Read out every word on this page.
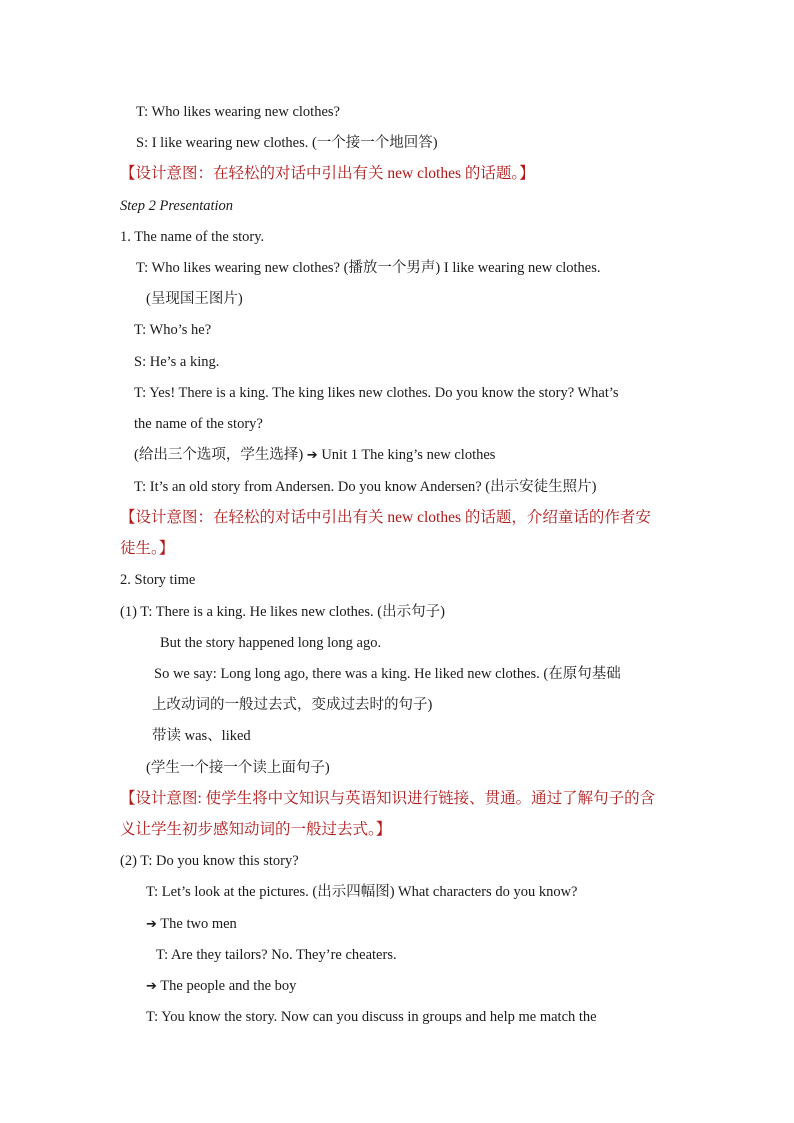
T: Who likes wearing new clothes?
S: I like wearing new clothes. (一个接一个地回答)
【设计意图：在轻松的对话中引出有关 new clothes 的话题。】
Step 2 Presentation
1. The name of the story.
T: Who likes wearing new clothes? (播放一个男声) I like wearing new clothes.
(呈现国王图片)
T: Who’s he?
S: He’s a king.
T: Yes! There is a king. The king likes new clothes. Do you know the story? What’s
the name of the story?
(给出三个选项，学生选择) ➔ Unit 1 The king’s new clothes
T: It’s an old story from Andersen. Do you know Andersen? (出示安徒生照片)
【设计意图：在轻松的对话中引出有关 new clothes 的话题，介绍童话的作者安
徒生。】
2. Story time
(1) T: There is a king. He likes new clothes. (出示句子)
But the story happened long long ago.
So we say: Long long ago, there was a king. He liked new clothes. (在原句基础
上改动词的一般过去式，变成过去时的句子)
带读 was、liked
(学生一个接一个读上面句子)
【设计意图: 使学生将中文知识与英语知识进行链接、贯通。通过了解句子的含
义让学生初步感知动词的一般过去式。】
(2) T: Do you know this story?
T: Let’s look at the pictures. (出示四幅图) What characters do you know?
➔ The two men
T: Are they tailors? No. They’re cheaters.
➔ The people and the boy
T: You know the story. Now can you discuss in groups and help me match the
